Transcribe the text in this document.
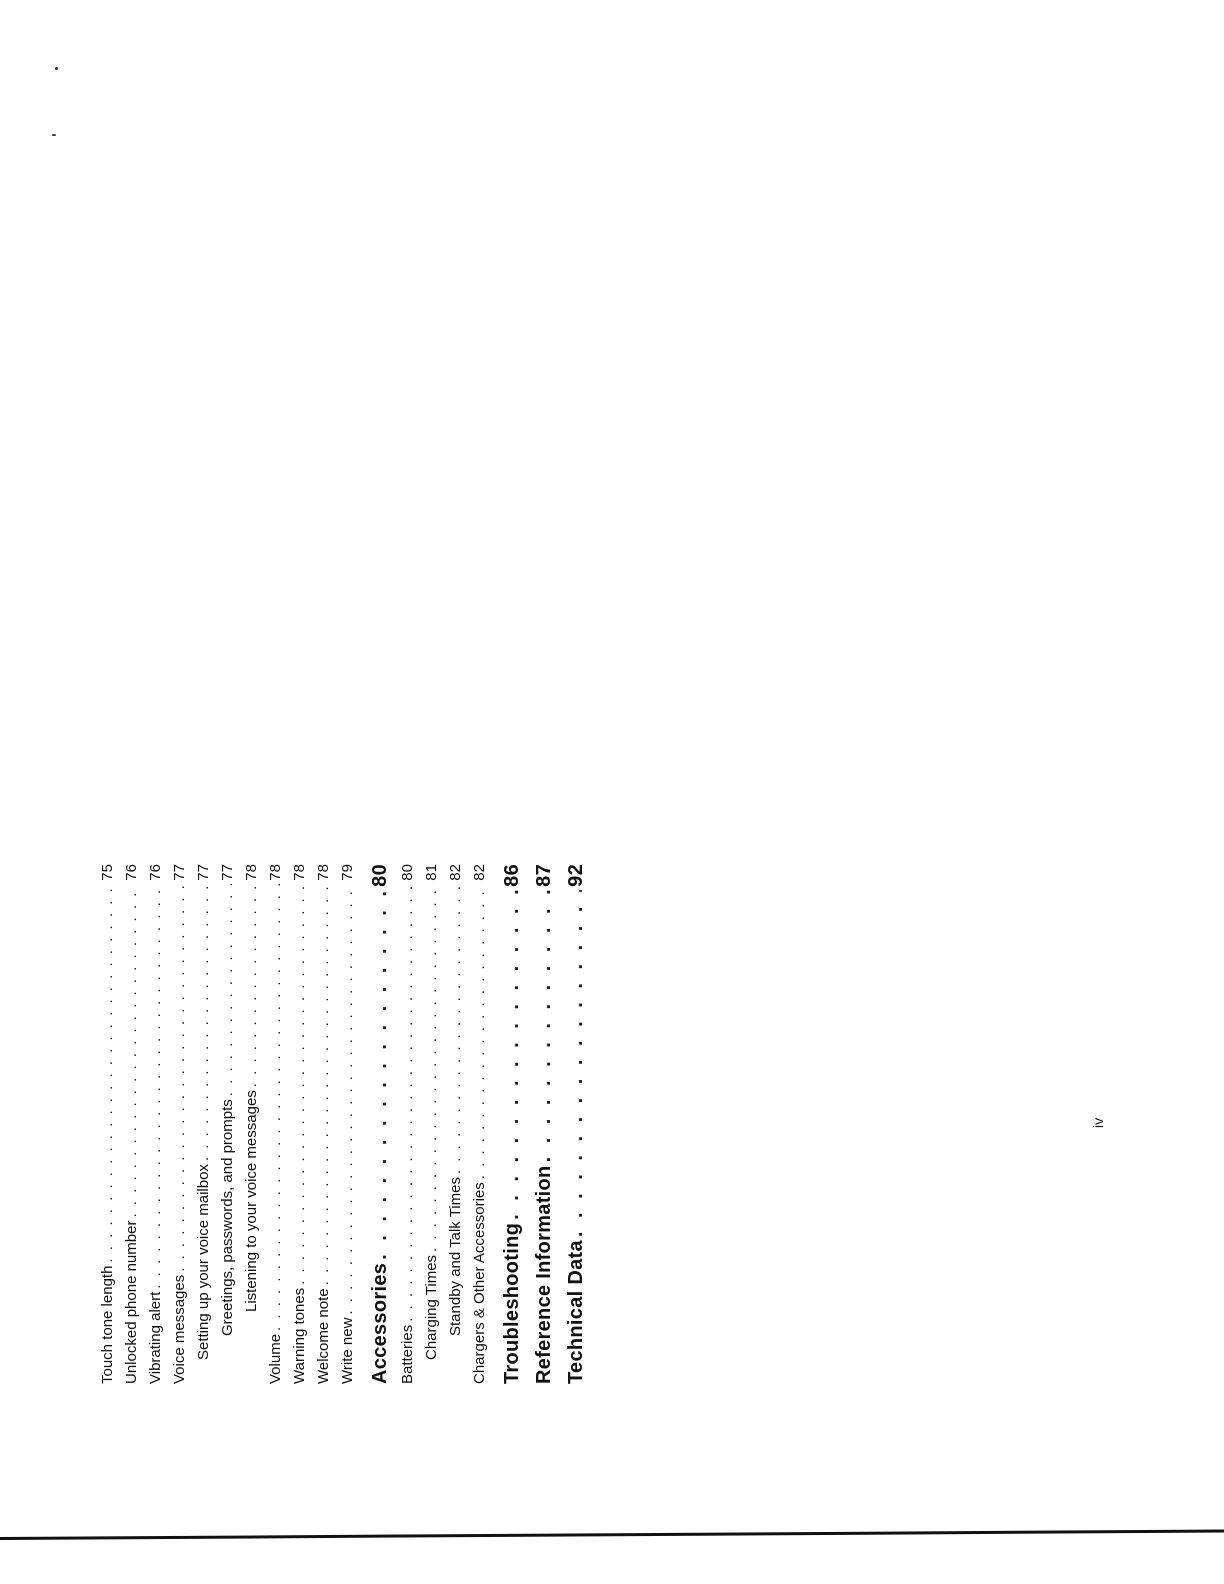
Touch tone length
. . .
75
Unlocked phone number
. . .
76
Vibrating alert
. . .
76
Voice messages
. . .
77
Setting up your voice mailbox
. . .
77
Greetings, passwords, and prompts
. . .
77
Listening to your voice messages
. . .
78
Volume
. . .
78
Warning tones
. . .
78
Welcome note
. . .
78
Write new
. . .
79
Accessories
. . .
80
Batteries
. . .
80
Charging Times
. . .
81
Standby and Talk Times
. . .
82
Chargers & Other Accessories
. . .
82
Troubleshooting
. . .
86
Reference Information
. . .
87
Technical Data
. . .
92
iv
